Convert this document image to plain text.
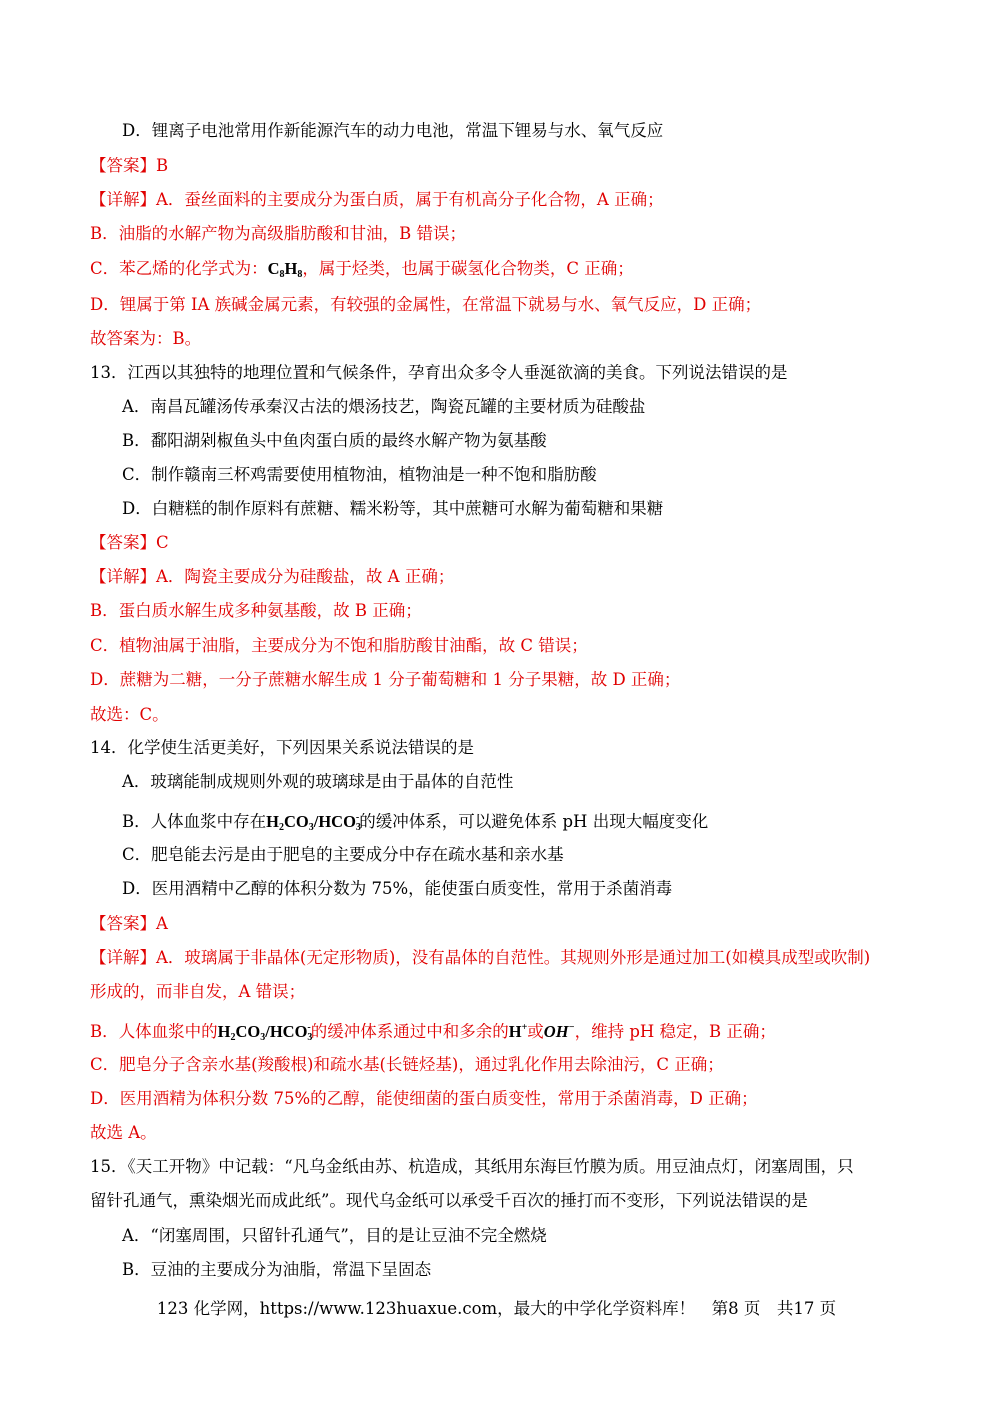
D．锂离子电池常用作新能源汽车的动力电池，常温下锂易与水、氧气反应
【答案】B
【详解】A．蚕丝面料的主要成分为蛋白质，属于有机高分子化合物，A 正确；
B．油脂的水解产物为高级脂肪酸和甘油，B 错误；
C．苯乙烯的化学式为：$C_8H_8$，属于烃类，也属于碳氢化合物类，C 正确；
D．锂属于第 IA 族碱金属元素，有较强的金属性，在常温下就易与水、氧气反应，D 正确；
故答案为：B。
13．江西以其独特的地理位置和气候条件，孕育出众多令人垂涎欲滴的美食。下列说法错误的是
A．南昌瓦罐汤传承秦汉古法的煨汤技艺，陶瓷瓦罐的主要材质为硅酸盐
B．鄱阳湖剁椒鱼头中鱼肉蛋白质的最终水解产物为氨基酸
C．制作赣南三杯鸡需要使用植物油，植物油是一种不饱和脂肪酸
D．白糖糕的制作原料有蔗糖、糯米粉等，其中蔗糖可水解为葡萄糖和果糖
【答案】C
【详解】A．陶瓷主要成分为硅酸盐，故 A 正确；
B．蛋白质水解生成多种氨基酸，故 B 正确；
C．植物油属于油脂，主要成分为不饱和脂肪酸甘油酯，故 C 错误；
D．蔗糖为二糖，一分子蔗糖水解生成 1 分子葡萄糖和 1 分子果糖，故 D 正确；
故选：C。
14．化学使生活更美好，下列因果关系说法错误的是
A．玻璃能制成规则外观的玻璃球是由于晶体的自范性
B．人体血浆中存在$H_2CO_3/HCO_3^-$的缓冲体系，可以避免体系 pH 出现大幅度变化
C．肥皂能去污是由于肥皂的主要成分中存在疏水基和亲水基
D．医用酒精中乙醇的体积分数为 75%，能使蛋白质变性，常用于杀菌消毒
【答案】A
【详解】A．玻璃属于非晶体(无定形物质)，没有晶体的自范性。其规则外形是通过加工(如模具成型或吹制)
形成的，而非自发，A 错误；
B．人体血浆中的$H_2CO_3/HCO_3^-$的缓冲体系通过中和多余的H+或OH−，维持 pH 稳定，B 正确；
C．肥皂分子含亲水基(羧酸根)和疏水基(长链烃基)，通过乳化作用去除油污，C 正确；
D．医用酒精为体积分数 75%的乙醇，能使细菌的蛋白质变性，常用于杀菌消毒，D 正确；
故选 A。
15．《天工开物》中记载：“凡乌金纸由苏、杭造成，其纸用东海巨竹膜为质。用豆油点灯，闭塞周围，只
留针孔通气，熏染烟光而成此纸”。现代乌金纸可以承受千百次的捶打而不变形，下列说法错误的是
A．“闭塞周围，只留针孔通气”，目的是让豆油不完全燃烧
B．豆油的主要成分为油脂，常温下呈固态
123 化学网，https://www.123huaxue.com，最大的中学化学资料库！　第8 页　共17 页
